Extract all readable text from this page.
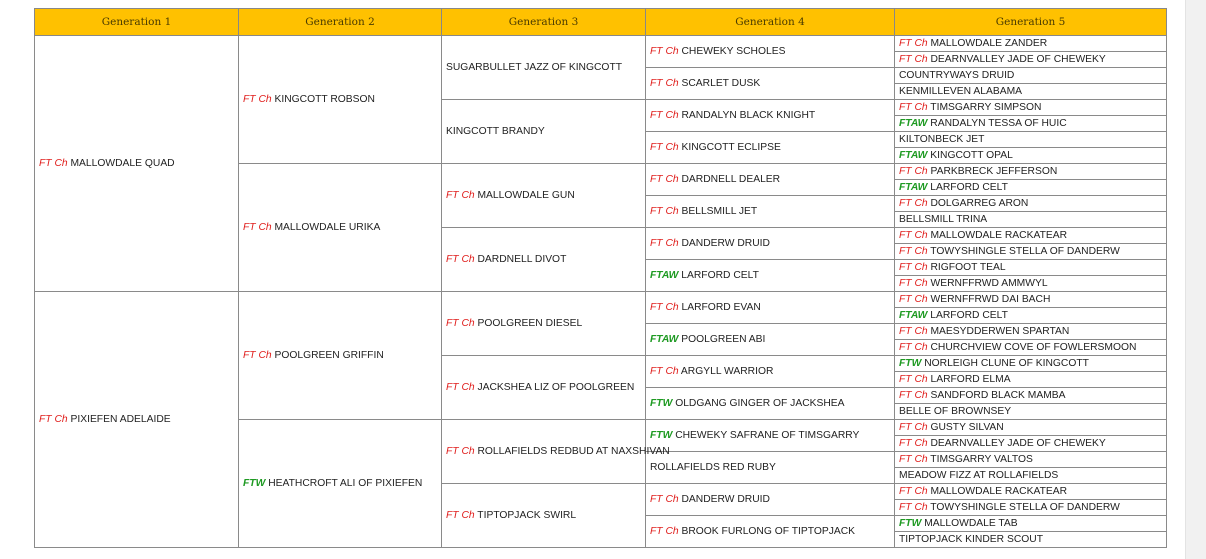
Generation 1	Generation 2	Generation 3	Generation 4	Generation 5
FT Ch MALLOWDALE QUAD	FT Ch KINGCOTT ROBSON	SUGARBULLET JAZZ OF KINGCOTT	FT Ch CHEWEKY SCHOLES	FT Ch MALLOWDALE ZANDER
				FT Ch DEARNVALLEY JADE OF CHEWEKY
			FT Ch SCARLET DUSK	COUNTRYWAYS DRUID
				KENMILLEVEN ALABAMA
		KINGCOTT BRANDY	FT Ch RANDALYN BLACK KNIGHT	FT Ch TIMSGARRY SIMPSON
				FTAW RANDALYN TESSA OF HUIC
			FT Ch KINGCOTT ECLIPSE	KILTONBECK JET
				FTAW KINGCOTT OPAL
	FT Ch MALLOWDALE URIKA	FT Ch MALLOWDALE GUN	FT Ch DARDNELL DEALER	FT Ch PARKBRECK JEFFERSON
				FTAW LARFORD CELT
			FT Ch BELLSMILL JET	FT Ch DOLGARREG ARON
				BELLSMILL TRINA
		FT Ch DARDNELL DIVOT	FT Ch DANDERW DRUID	FT Ch MALLOWDALE RACKATEAR
				FT Ch TOWYSHINGLE STELLA OF DANDERW
			FTAW LARFORD CELT	FT Ch RIGFOOT TEAL
				FT Ch WERNFFRWD AMMWYL
FT Ch PIXIEFEN ADELAIDE	FT Ch POOLGREEN GRIFFIN	FT Ch POOLGREEN DIESEL	FT Ch LARFORD EVAN	FT Ch WERNFFRWD DAI BACH
				FTAW LARFORD CELT
			FTAW POOLGREEN ABI	FT Ch MAESYDDERWEN SPARTAN
				FT Ch CHURCHVIEW COVE OF FOWLERSMOON
		FT Ch JACKSHEA LIZ OF POOLGREEN	FT Ch ARGYLL WARRIOR	FTW NORLEIGH CLUNE OF KINGCOTT
				FT Ch LARFORD ELMA
			FTW OLDGANG GINGER OF JACKSHEA	FT Ch SANDFORD BLACK MAMBA
				BELLE OF BROWNSEY
	FTW HEATHCROFT ALI OF PIXIEFEN	FT Ch ROLLAFIELDS REDBUD AT NAXSHIVAN	FTW CHEWEKY SAFRANE OF TIMSGARRY	FT Ch GUSTY SILVAN
				FT Ch DEARNVALLEY JADE OF CHEWEKY
			ROLLAFIELDS RED RUBY	FT Ch TIMSGARRY VALTOS
				MEADOW FIZZ AT ROLLAFIELDS
		FT Ch TIPTOPJACK SWIRL	FT Ch DANDERW DRUID	FT Ch MALLOWDALE RACKATEAR
				FT Ch TOWYSHINGLE STELLA OF DANDERW
			FT Ch BROOK FURLONG OF TIPTOPJACK	FTW MALLOWDALE TAB
				TIPTOPJACK KINDER SCOUT
